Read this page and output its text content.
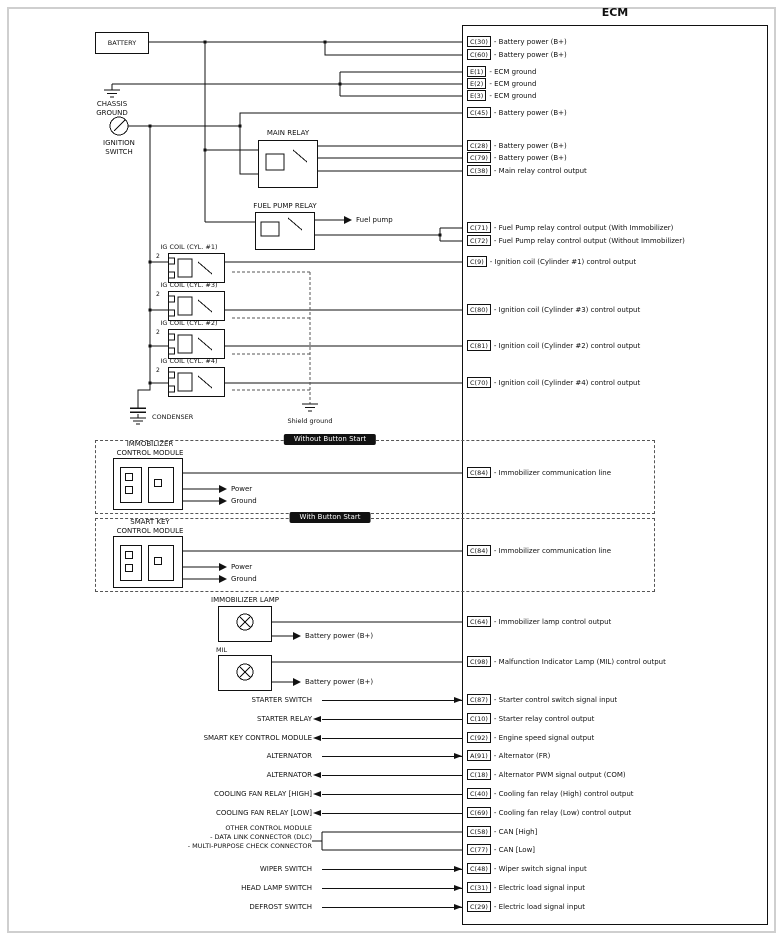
ECM
Without Button Start
With Button Start
BATTERY
CHASSIS
GROUND
IGNITION
SWITCH
MAIN RELAY
FUEL PUMP RELAY
Fuel pump
IG COIL (CYL. #1)
IG COIL (CYL. #3)
IG COIL (CYL. #2)
IG COIL (CYL. #4)
2
2
2
2
CONDENSER	Shield ground
IMMOBILIZER
CONTROL MODULE
Power
Ground
SMART KEY
CONTROL MODULE
Power
Ground
IMMOBILIZER LAMP
Battery power (B+)
MIL
Battery power (B+)
OTHER CONTROL MODULE
- DATA LINK CONNECTOR (DLC)
- MULTI-PURPOSE CHECK CONNECTOR
C(30)	- Battery power (B+)
C(60)	- Battery power (B+)
E(1)	- ECM ground
E(2)	- ECM ground
E(3)	- ECM ground
C(45)	- Battery power (B+)
C(28)	- Battery power (B+)
C(79)	- Battery power (B+)
C(38)	- Main relay control output
C(71)	- Fuel Pump relay control output (With Immobilizer)
C(72)	- Fuel Pump relay control output (Without Immobilizer)
C(9)	- Ignition coil (Cylinder #1) control output
C(80)	- Ignition coil (Cylinder #3) control output
C(81)	- Ignition coil (Cylinder #2) control output
C(70)	- Ignition coil (Cylinder #4) control output
C(84)	- Immobilizer communication line
C(84)	- Immobilizer communication line
C(64)	- Immobilizer lamp control output
C(98)	- Malfunction Indicator Lamp (MIL) control output
C(87)	- Starter control switch signal input
C(10)	- Starter relay control output
C(92)	- Engine speed signal output
A(91)	- Alternator (FR)
C(18)	- Alternator PWM signal output (COM)
C(40)	- Cooling fan relay (High) control output
C(69)	- Cooling fan relay (Low) control output
C(58)	- CAN [High]
C(77)	- CAN [Low]
C(48)	- Wiper switch signal input
C(31)	- Electric load signal input
C(29)	- Electric load signal input
STARTER SWITCH
STARTER RELAY
SMART KEY CONTROL MODULE
ALTERNATOR
ALTERNATOR
COOLING FAN RELAY [HIGH]
COOLING FAN RELAY [LOW]
WIPER SWITCH
HEAD LAMP SWITCH
DEFROST SWITCH
